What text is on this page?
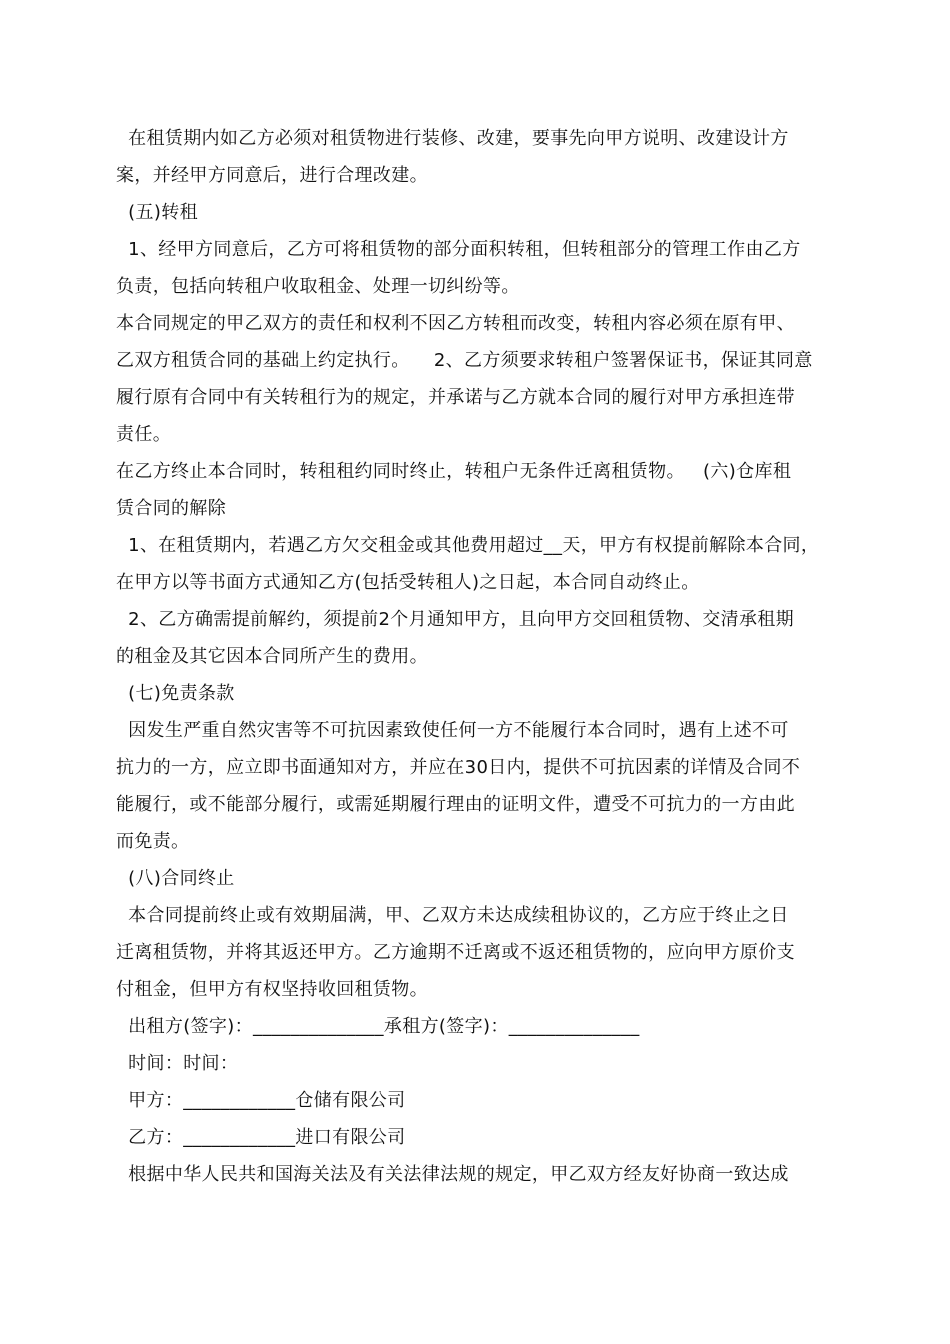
在租赁期内如乙方必须对租赁物进行装修、改建，要事先向甲方说明、改建设计方
案，并经甲方同意后，进行合理改建。
(五)转租
1、经甲方同意后，乙方可将租赁物的部分面积转租，但转租部分的管理工作由乙方
负责，包括向转租户收取租金、处理一切纠纷等。
本合同规定的甲乙双方的责任和权利不因乙方转租而改变，转租内容必须在原有甲、
乙双方租赁合同的基础上约定执行。    2、乙方须要求转租户签署保证书，保证其同意
履行原有合同中有关转租行为的规定，并承诺与乙方就本合同的履行对甲方承担连带
责任。
在乙方终止本合同时，转租租约同时终止，转租户无条件迁离租赁物。   (六)仓库租
赁合同的解除
1、在租赁期内，若遇乙方欠交租金或其他费用超过__天，甲方有权提前解除本合同，
在甲方以等书面方式通知乙方(包括受转租人)之日起，本合同自动终止。
2、乙方确需提前解约，须提前2个月通知甲方，且向甲方交回租赁物、交清承租期
的租金及其它因本合同所产生的费用。
(七)免责条款
因发生严重自然灾害等不可抗因素致使任何一方不能履行本合同时，遇有上述不可
抗力的一方，应立即书面通知对方，并应在30日内，提供不可抗因素的详情及合同不
能履行，或不能部分履行，或需延期履行理由的证明文件，遭受不可抗力的一方由此
而免责。
(八)合同终止
本合同提前终止或有效期届满，甲、乙双方未达成续租协议的，乙方应于终止之日
迁离租赁物，并将其返还甲方。乙方逾期不迁离或不返还租赁物的，应向甲方原价支
付租金，但甲方有权坚持收回租赁物。
出租方(签字)：______________承租方(签字)：______________
时间：时间：
甲方：____________仓储有限公司
乙方：____________进口有限公司
根据中华人民共和国海关法及有关法律法规的规定，甲乙双方经友好协商一致达成
